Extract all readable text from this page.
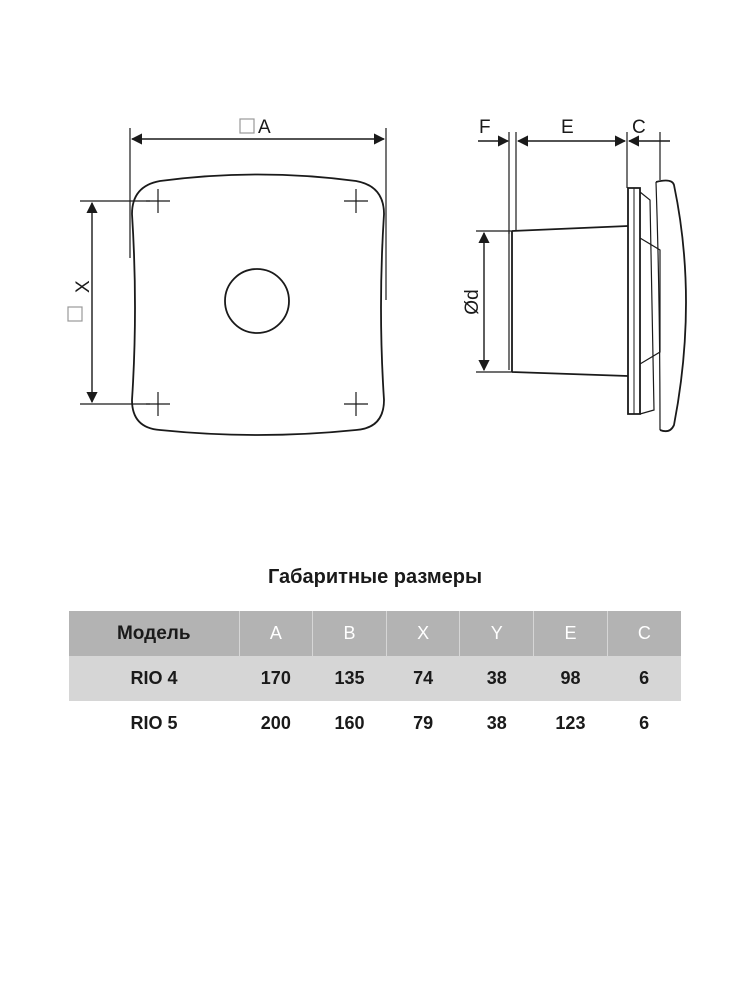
A
X
F	E	C
Ød
Габаритные размеры
Модель	A	B	X	Y	E	C
RIO 4	170	135	74	38	98	6
RIO 5	200	160	79	38	123	6
